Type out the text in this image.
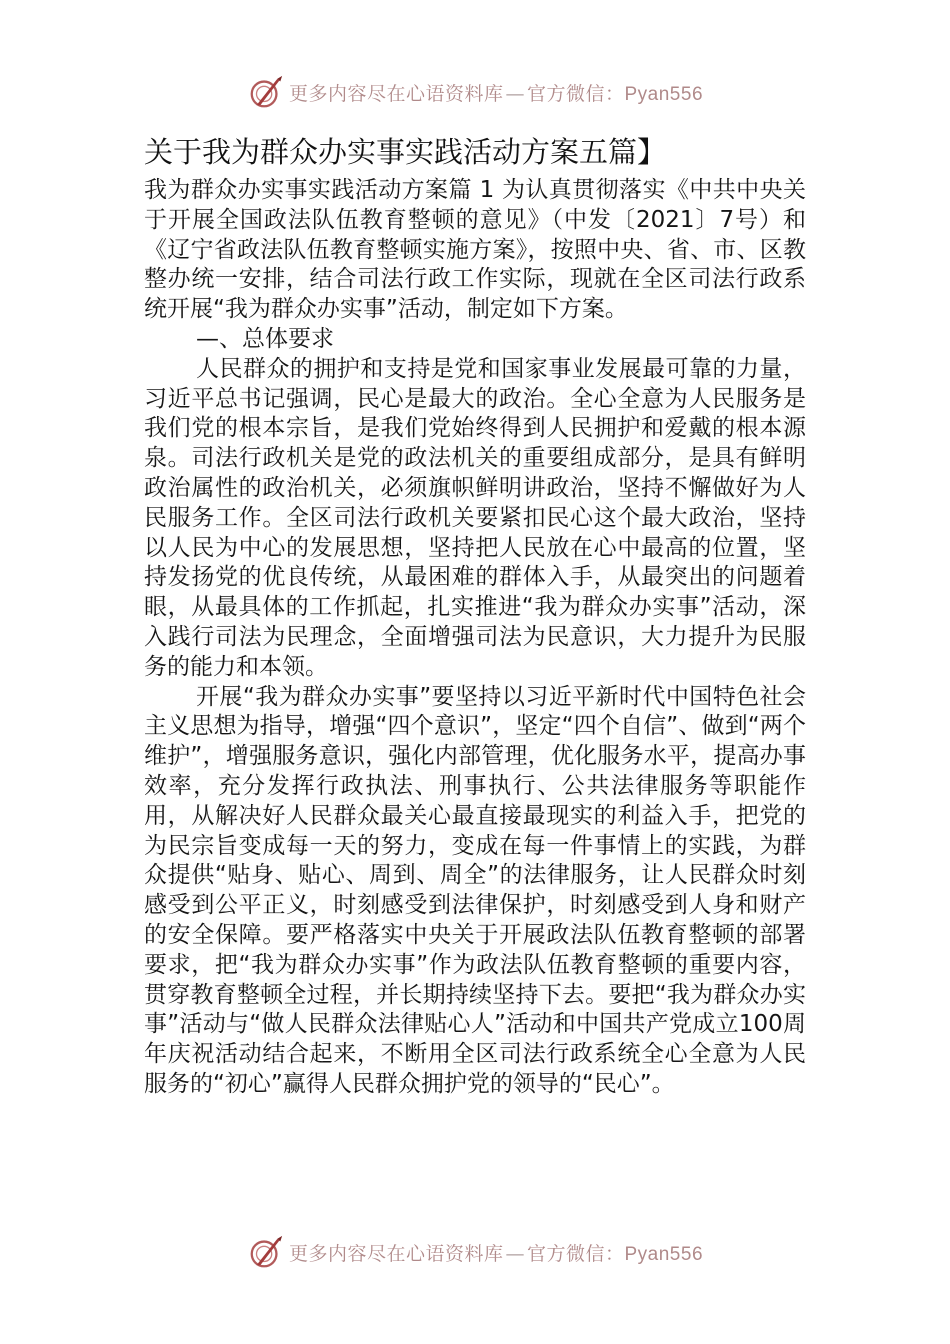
更多内容尽在心语资料库 — 官方微信：Pyan556
关于我为群众办实事实践活动方案五篇】

我为群众办实事实践活动方案篇 1 为认真贯彻落实《中共中央关于开展全国政法队伍教育整顿的意见》（中发〔2021〕7号）和《辽宁省政法队伍教育整顿实施方案》，按照中央、省、市、区教整办统一安排，结合司法行政工作实际，现就在全区司法行政系统开展“我为群众办实事”活动，制定如下方案。

—、总体要求

人民群众的拥护和支持是党和国家事业发展最可靠的力量，习近平总书记强调，民心是最大的政治。全心全意为人民服务是我们党的根本宗旨，是我们党始终得到人民拥护和爱戴的根本源泉。司法行政机关是党的政法机关的重要组成部分，是具有鲜明政治属性的政治机关，必须旗帜鲜明讲政治，坚持不懈做好为人民服务工作。全区司法行政机关要紧扣民心这个最大政治，坚持以人民为中心的发展思想，坚持把人民放在心中最高的位置，坚持发扬党的优良传统，从最困难的群体入手，从最突出的问题着眼，从最具体的工作抓起，扎实推进“我为群众办实事”活动，深入践行司法为民理念，全面增强司法为民意识，大力提升为民服务的能力和本领。

开展“我为群众办实事”要坚持以习近平新时代中国特色社会主义思想为指导，增强“四个意识”，坚定“四个自信”、做到“两个维护”，增强服务意识，强化内部管理，优化服务水平，提高办事效率，充分发挥行政执法、刑事执行、公共法律服务等职能作用，从解决好人民群众最关心最直接最现实的利益入手，把党的为民宗旨变成每一天的努力，变成在每一件事情上的实践，为群众提供“贴身、贴心、周到、周全”的法律服务，让人民群众时刻感受到公平正义，时刻感受到法律保护，时刻感受到人身和财产的安全保障。要严格落实中央关于开展政法队伍教育整顿的部署要求，把“我为群众办实事”作为政法队伍教育整顿的重要内容，贯穿教育整顿全过程，并长期持续坚持下去。要把“我为群众办实事”活动与“做人民群众法律贴心人”活动和中国共产党成立100周年庆祝活动结合起来，不断用全区司法行政系统全心全意为人民服务的“初心”赢得人民群众拥护党的领导的“民心”。

更多内容尽在心语资料库 — 官方微信：Pyan556
